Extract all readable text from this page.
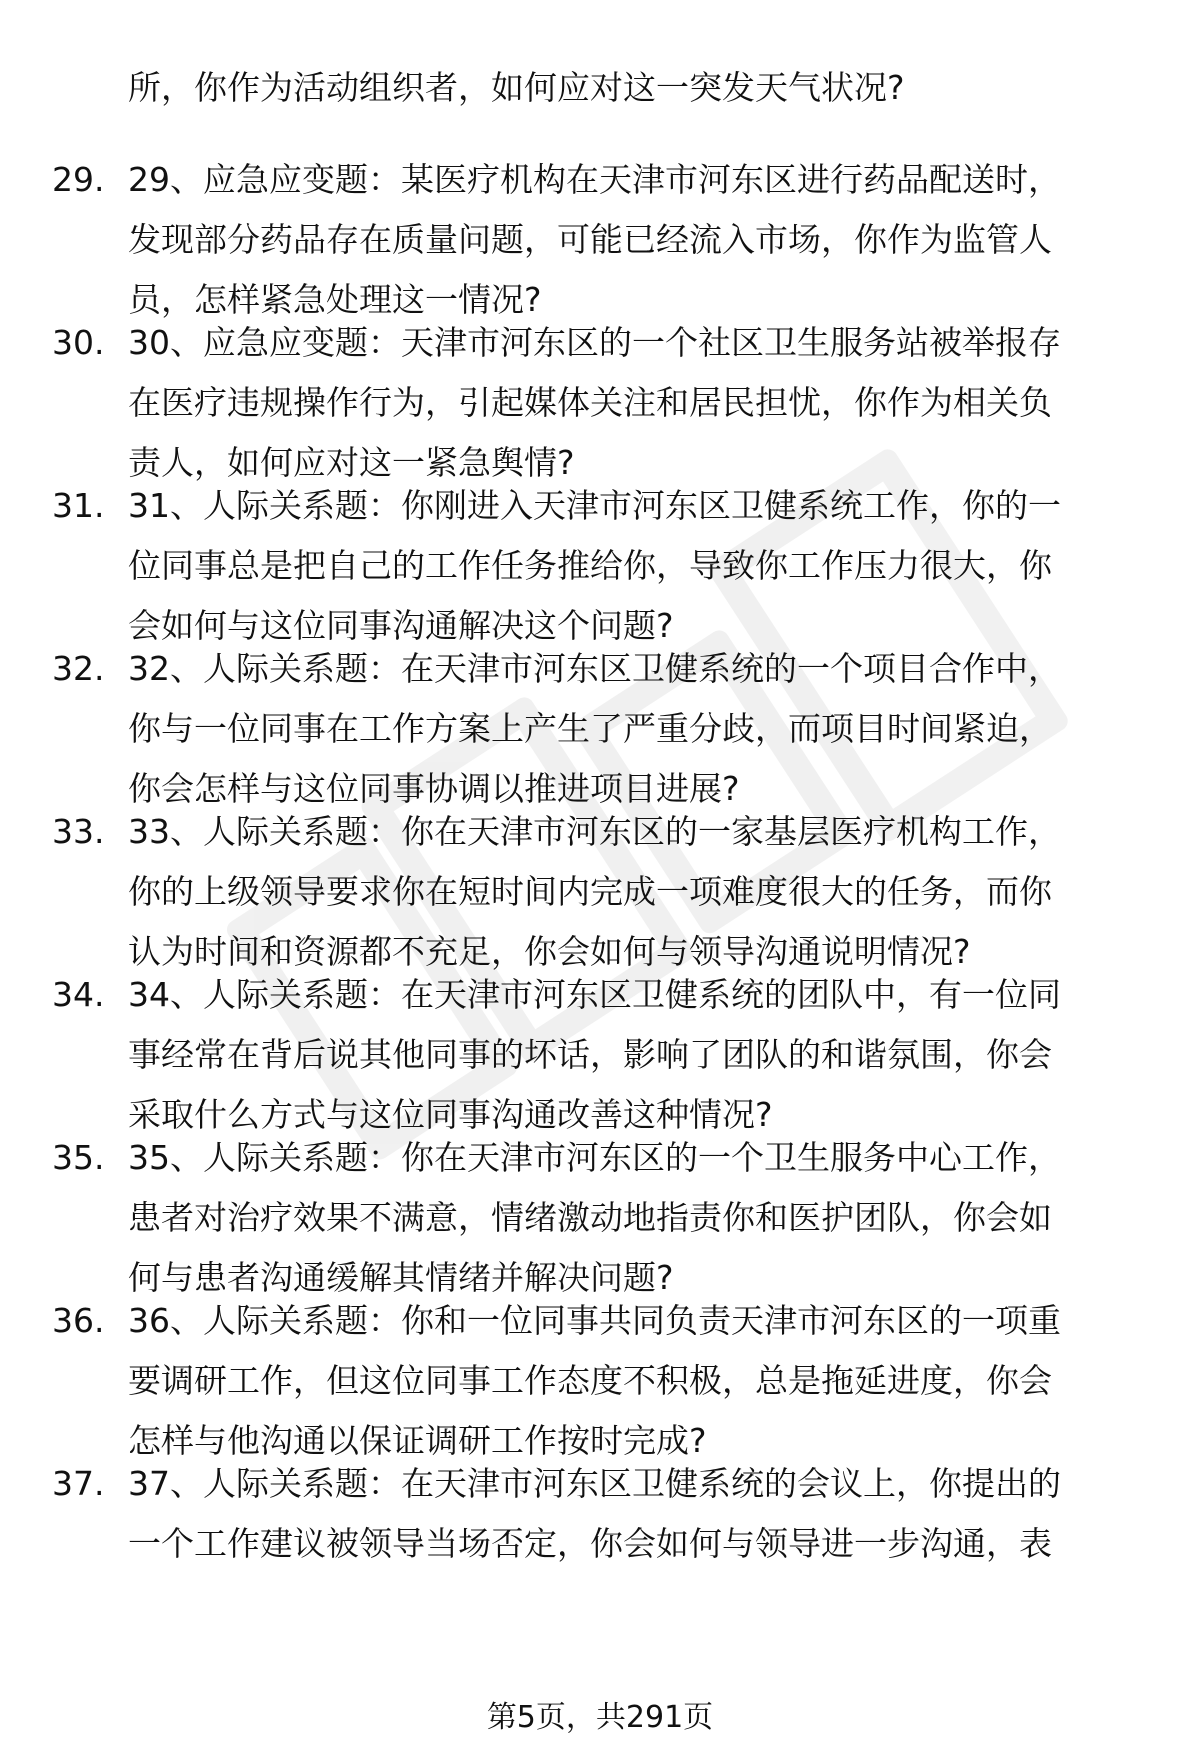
所，你作为活动组织者，如何应对这一突发天气状况?
29. 29、应急应变题：某医疗机构在天津市河东区进行药品配送时，
发现部分药品存在质量问题，可能已经流入市场，你作为监管人
员，怎样紧急处理这一情况?
30. 30、应急应变题：天津市河东区的一个社区卫生服务站被举报存
在医疗违规操作行为，引起媒体关注和居民担忧，你作为相关负
责人，如何应对这一紧急舆情?
31. 31、人际关系题：你刚进入天津市河东区卫健系统工作，你的一
位同事总是把自己的工作任务推给你，导致你工作压力很大，你
会如何与这位同事沟通解决这个问题?
32. 32、人际关系题：在天津市河东区卫健系统的一个项目合作中，
你与一位同事在工作方案上产生了严重分歧，而项目时间紧迫，
你会怎样与这位同事协调以推进项目进展?
33. 33、人际关系题：你在天津市河东区的一家基层医疗机构工作，
你的上级领导要求你在短时间内完成一项难度很大的任务，而你
认为时间和资源都不充足，你会如何与领导沟通说明情况?
34. 34、人际关系题：在天津市河东区卫健系统的团队中，有一位同
事经常在背后说其他同事的坏话，影响了团队的和谐氛围，你会
采取什么方式与这位同事沟通改善这种情况?
35. 35、人际关系题：你在天津市河东区的一个卫生服务中心工作，
患者对治疗效果不满意，情绪激动地指责你和医护团队，你会如
何与患者沟通缓解其情绪并解决问题?
36. 36、人际关系题：你和一位同事共同负责天津市河东区的一项重
要调研工作，但这位同事工作态度不积极，总是拖延进度，你会
怎样与他沟通以保证调研工作按时完成?
37. 37、人际关系题：在天津市河东区卫健系统的会议上，你提出的
一个工作建议被领导当场否定，你会如何与领导进一步沟通，表
第5页，共291页
